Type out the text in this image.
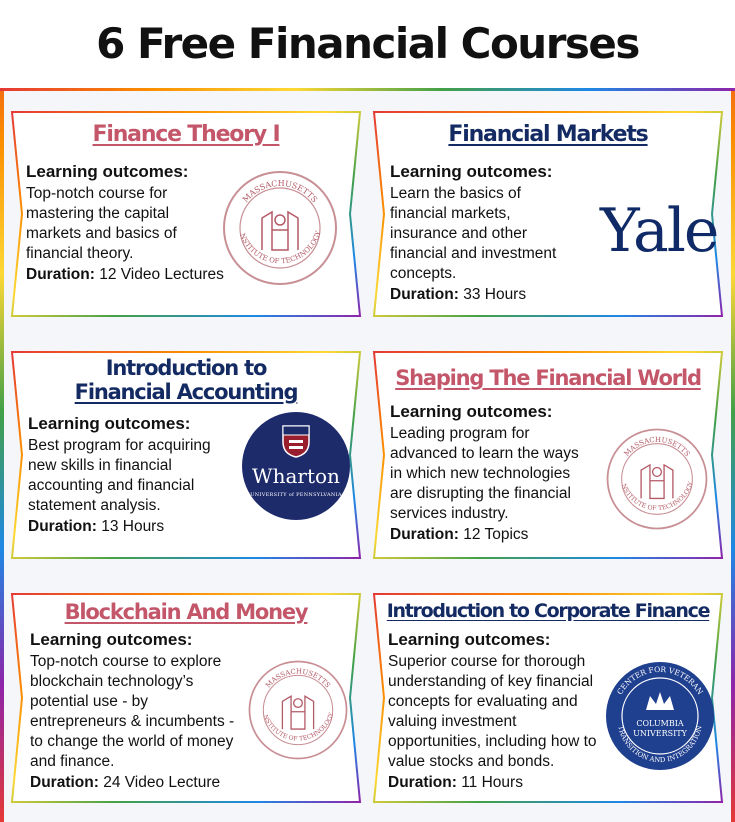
6 Free Financial Courses
Finance Theory I
Learning outcomes:
Top-notch course for mastering the capital markets and basics of financial theory.
Duration: 12 Video Lectures
MASSACHUSETTS
NSTITUTE OF TECHNOLOGY
Financial Markets
Learning outcomes:
Learn the basics of financial markets, insurance and other financial and investment concepts.
Duration: 33 Hours
Yale
Introduction to
Financial Accounting
Learning outcomes:
Best program for acquiring new skills in financial accounting and financial statement analysis.
Duration: 13 Hours
Wharton
UNIVERSITY of PENNSYLVANIA
Shaping The Financial World
Learning outcomes:
Leading program for advanced to learn the ways in which new technologies are disrupting the financial services industry.
Duration: 12 Topics
MASSACHUSETTS
NSTITUTE OF TECHNOLOGY
Blockchain And Money
Learning outcomes:
Top-notch course to explore blockchain technology’s potential use - by entrepreneurs & incumbents - to change the world of money and finance.
Duration: 24 Video Lecture
MASSACHUSETTS
NSTITUTE OF TECHNOLOGY
Introduction to Corporate Finance
Learning outcomes:
Superior course for thorough understanding of key financial concepts for evaluating and valuing investment opportunities, including how to value stocks and bonds.
Duration: 11 Hours
CENTER FOR VETERAN
TRANSITION AND INTEGRATION
COLUMBIA
UNIVERSITY
